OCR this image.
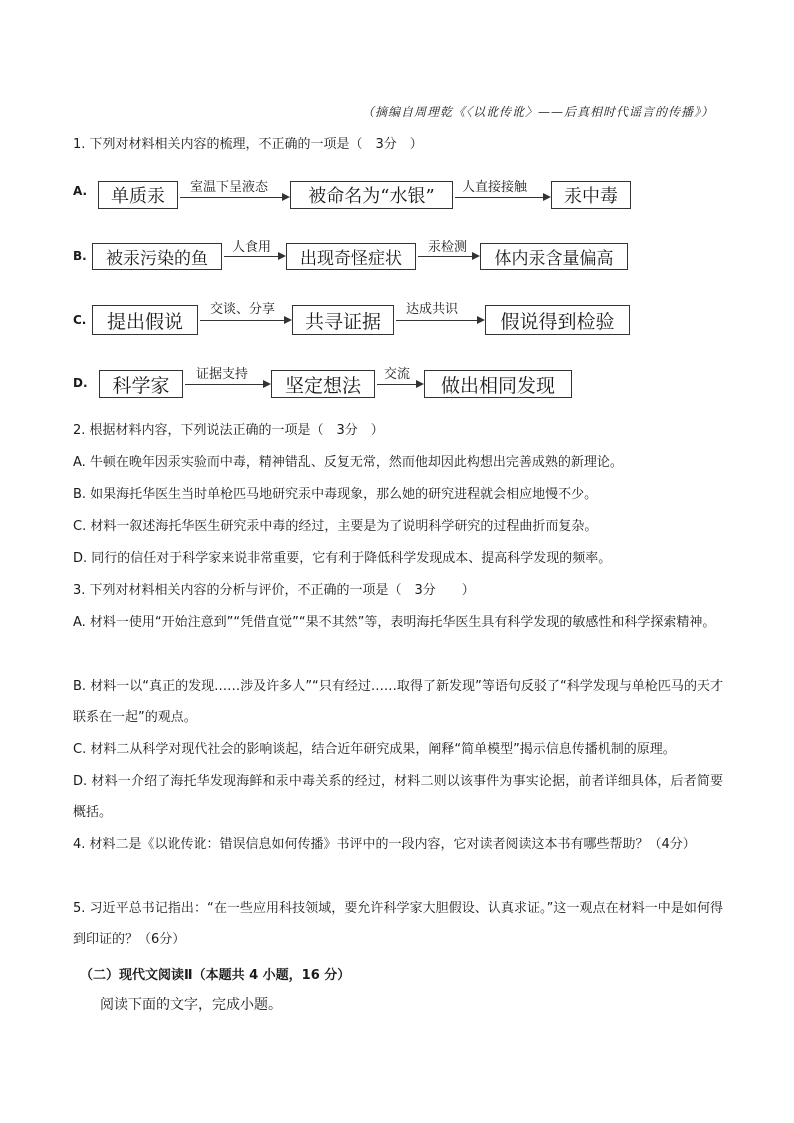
（摘编自周理乾《〈以讹传讹〉——后真相时代谣言的传播》）
1. 下列对材料相关内容的梳理，不正确的一项是（　3分　）
A.	单质汞	室温下呈液态	被命名为“水银”	人直接接触	汞中毒
B.	被汞污染的鱼
人食用
出现奇怪症状
汞检测
体内汞含量偏高
C.	提出假说
交谈、分享
共寻证据
达成共识
假说得到检验
D.	科学家	证据支持	坚定想法	交流	做出相同发现
2. 根据材料内容，下列说法正确的一项是（　3分　）
A. 牛顿在晚年因汞实验而中毒，精神错乱、反复无常，然而他却因此构想出完善成熟的新理论。
B. 如果海托华医生当时单枪匹马地研究汞中毒现象，那么她的研究进程就会相应地慢不少。
C. 材料一叙述海托华医生研究汞中毒的经过，主要是为了说明科学研究的过程曲折而复杂。
D. 同行的信任对于科学家来说非常重要，它有利于降低科学发现成本、提高科学发现的频率。
3. 下列对材料相关内容的分析与评价，不正确的一项是（　3分　　）
A. 材料一使用“开始注意到”“凭借直觉”“果不其然”等，表明海托华医生具有科学发现的敏感性和科学探索精神。
B. 材料一以“真正的发现……涉及许多人”“只有经过……取得了新发现”等语句反驳了“科学发现与单枪匹马的天才联系在一起”的观点。
C. 材料二从科学对现代社会的影响谈起，结合近年研究成果，阐释“简单模型”揭示信息传播机制的原理。
D. 材料一介绍了海托华发现海鲜和汞中毒关系的经过，材料二则以该事件为事实论据，前者详细具体，后者简要概括。
4. 材料二是《以讹传讹：错误信息如何传播》书评中的一段内容，它对读者阅读这本书有哪些帮助？（4分）
5. 习近平总书记指出：“在一些应用科技领域，要允许科学家大胆假设、认真求证。”这一观点在材料一中是如何得到印证的？（6分）
（二）现代文阅读Ⅱ（本题共 4 小题，16 分）
阅读下面的文字，完成小题。
